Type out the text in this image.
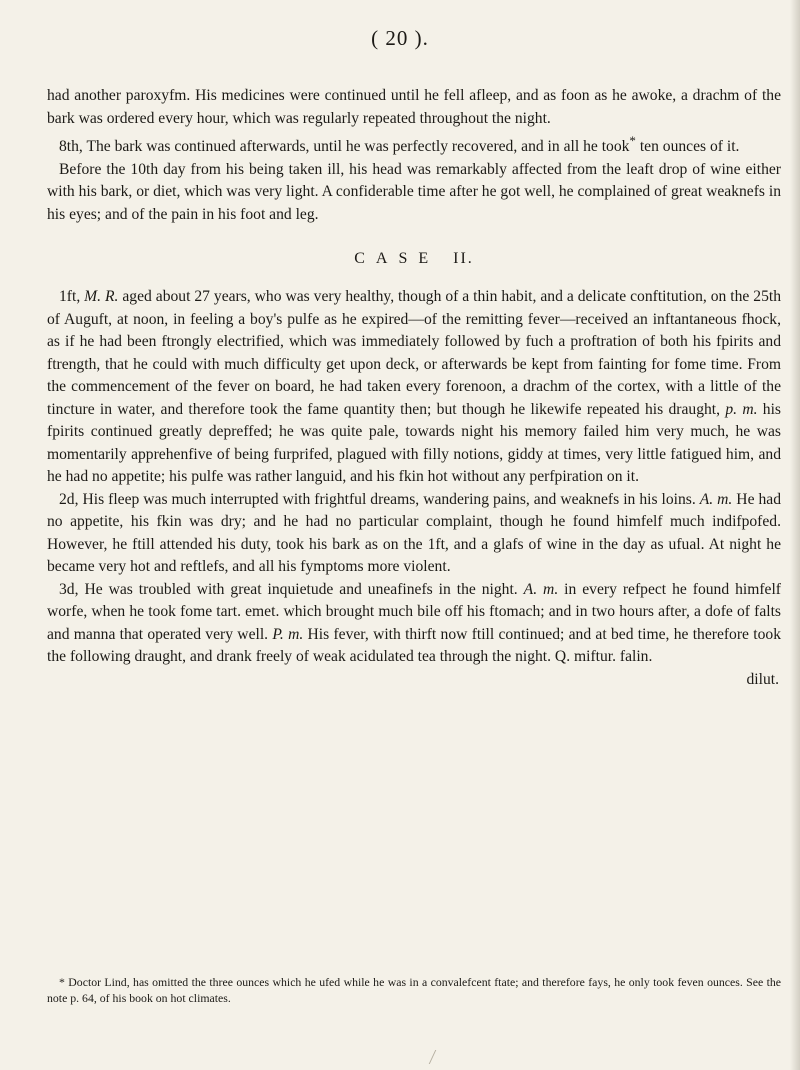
( 20 ).

had another paroxyfm. His medicines were continued until he fell afleep, and as foon as he awoke, a drachm of the bark was ordered every hour, which was regularly repeated throughout the night.

8th, The bark was continued afterwards, until he was perfectly recovered, and in all he took* ten ounces of it.

Before the 10th day from his being taken ill, his head was remarkably affected from the leaft drop of wine either with his bark, or diet, which was very light. A confiderable time after he got well, he complained of great weaknefs in his eyes; and of the pain in his foot and leg.

CASE II.

1ft, M. R. aged about 27 years, who was very healthy, though of a thin habit, and a delicate conftitution, on the 25th of Auguft, at noon, in feeling a boy's pulfe as he expired—of the remitting fever—received an inftantaneous fhock, as if he had been ftrongly electrified, which was immediately followed by fuch a proftration of both his fpirits and ftrength, that he could with much difficulty get upon deck, or afterwards be kept from fainting for fome time. From the commencement of the fever on board, he had taken every forenoon, a drachm of the cortex, with a little of the tincture in water, and therefore took the fame quantity then; but though he likewife repeated his draught, p. m. his fpirits continued greatly depreffed; he was quite pale, towards night his memory failed him very much, he was momentarily apprehenfive of being furprifed, plagued with filly notions, giddy at times, very little fatigued him, and he had no appetite; his pulfe was rather languid, and his fkin hot without any perfpiration on it.

2d, His fleep was much interrupted with frightful dreams, wandering pains, and weaknefs in his loins. A. m. He had no appetite, his fkin was dry; and he had no particular complaint, though he found himfelf much indifpofed. However, he ftill attended his duty, took his bark as on the 1ft, and a glafs of wine in the day as ufual. At night he became very hot and reftlefs, and all his fymptoms more violent.

3d, He was troubled with great inquietude and uneafinefs in the night. A. m. in every refpect he found himfelf worfe, when he took fome tart. emet. which brought much bile off his ftomach; and in two hours after, a dofe of falts and manna that operated very well. P. m. His fever, with thirft now ftill continued; and at bed time, he therefore took the following draught, and drank freely of weak acidulated tea through the night. Q. miftur. falin.

dilut.

* Doctor Lind, has omitted the three ounces which he ufed while he was in a convalefcent ftate; and therefore fays, he only took feven ounces. See the note p. 64, of his book on hot climates.
